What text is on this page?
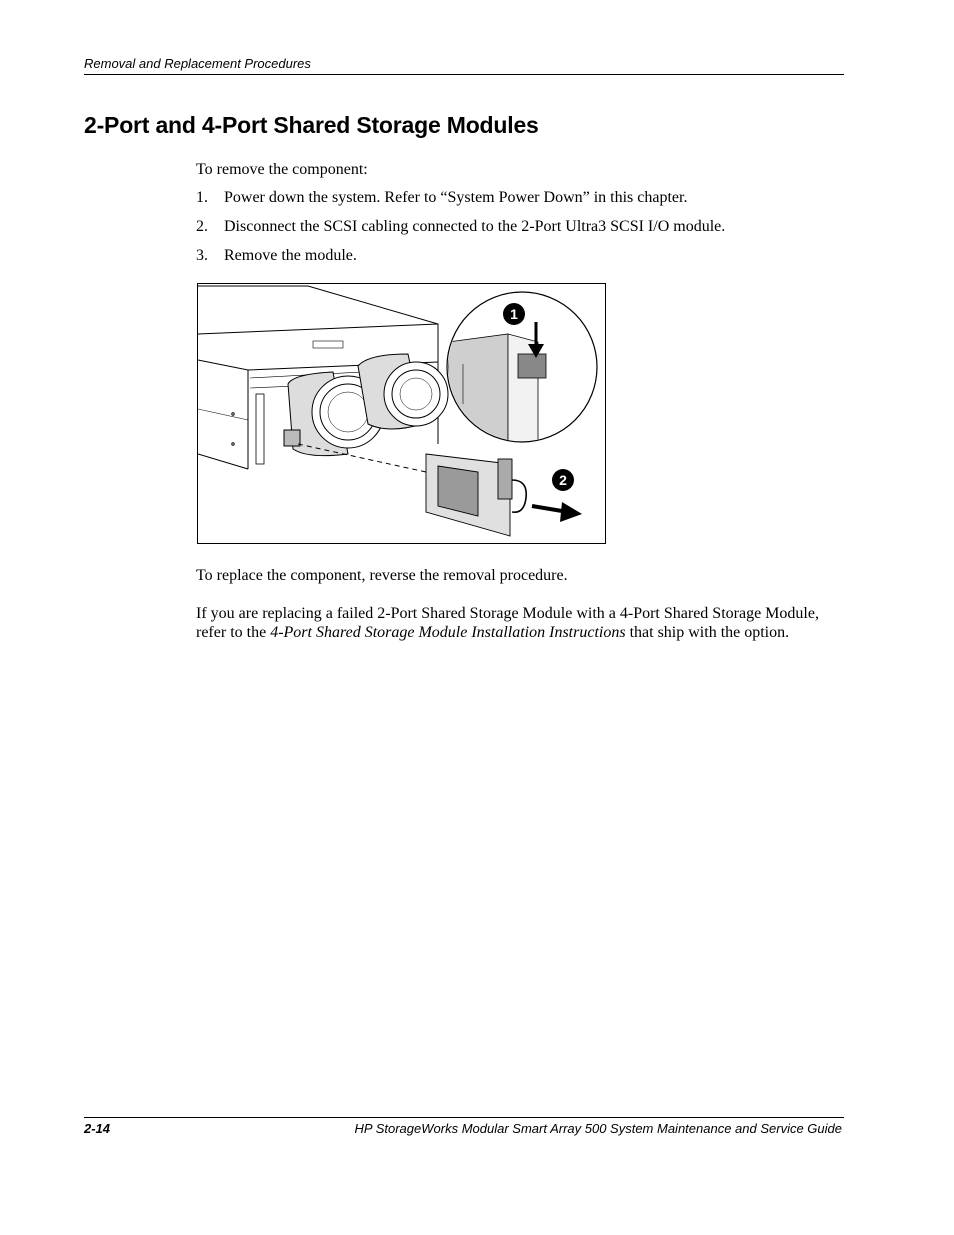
Removal and Replacement Procedures
2-Port and 4-Port Shared Storage Modules
To remove the component:
1. Power down the system. Refer to “System Power Down” in this chapter.
2. Disconnect the SCSI cabling connected to the 2-Port Ultra3 SCSI I/O module.
3. Remove the module.
1
2
To replace the component, reverse the removal procedure.
If you are replacing a failed 2-Port Shared Storage Module with a 4-Port Shared Storage Module, refer to the 4-Port Shared Storage Module Installation Instructions that ship with the option.
2-14	HP StorageWorks Modular Smart Array 500 System Maintenance and Service Guide
